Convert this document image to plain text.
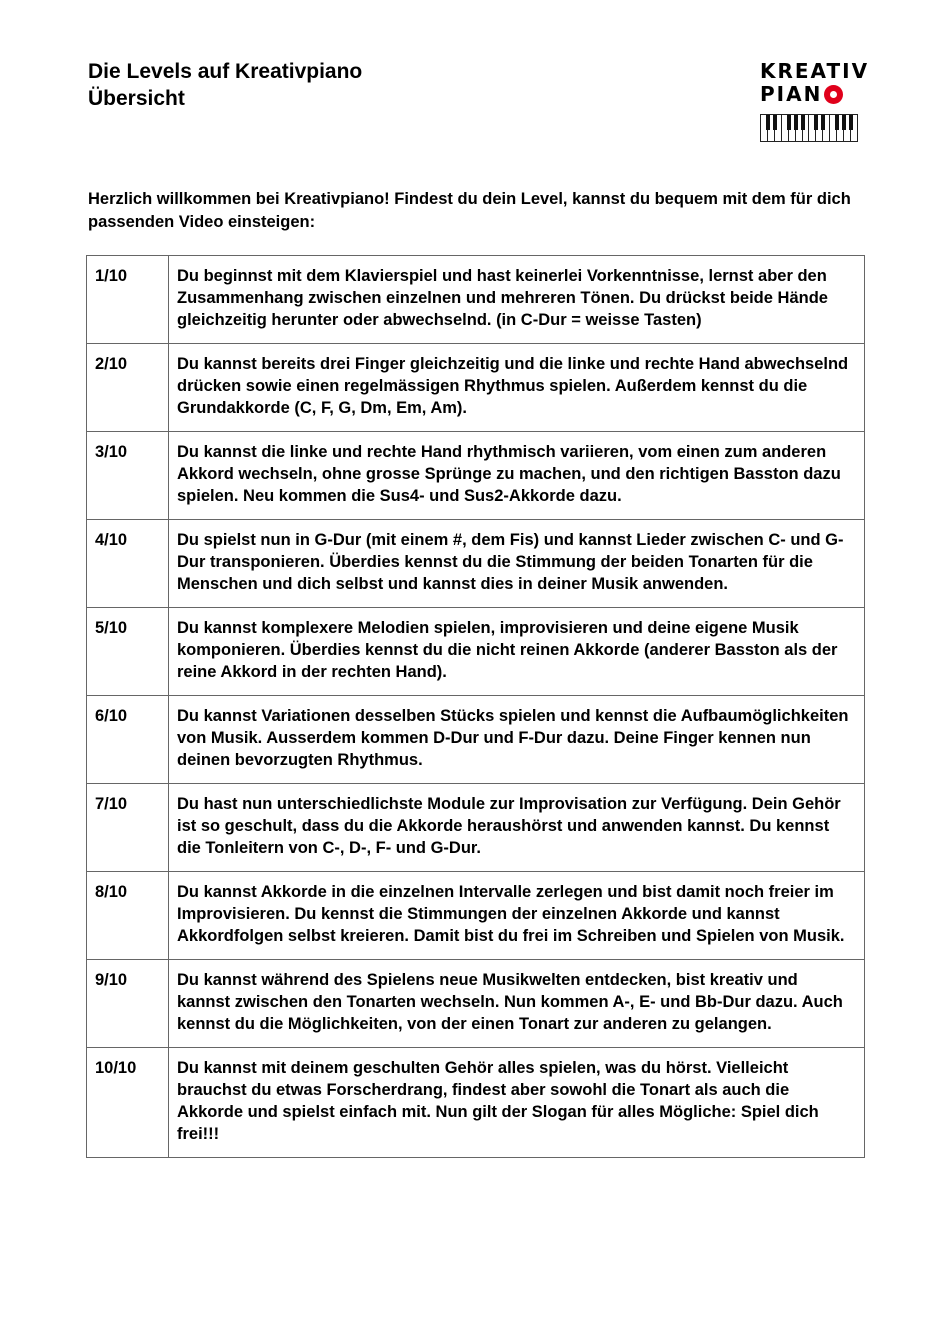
Die Levels auf Kreativpiano
Übersicht
KREATIV
PIAN
Herzlich willkommen bei Kreativpiano! Findest du dein Level, kannst du bequem mit dem für dich passenden Video einsteigen:
1/10	Du beginnst mit dem Klavierspiel und hast keinerlei Vorkenntnisse, lernst aber den Zusammenhang zwischen einzelnen und mehreren Tönen. Du drückst beide Hände gleichzeitig herunter oder abwechselnd. (in C-Dur = weisse Tasten)
2/10	Du kannst bereits drei Finger gleichzeitig und die linke und rechte Hand abwechselnd drücken sowie einen regelmässigen Rhythmus spielen. Außerdem kennst du die Grundakkorde (C, F, G, Dm, Em, Am).
3/10	Du kannst die linke und rechte Hand rhythmisch variieren, vom einen zum anderen Akkord wechseln, ohne grosse Sprünge zu machen, und den richtigen Basston dazu spielen. Neu kommen die Sus4- und Sus2-Akkorde dazu.
4/10	Du spielst nun in G-Dur (mit einem #, dem Fis) und kannst Lieder zwischen C- und G-Dur transponieren. Überdies kennst du die Stimmung der beiden Tonarten für die Menschen und dich selbst und kannst dies in deiner Musik anwenden.
5/10	Du kannst komplexere Melodien spielen, improvisieren und deine eigene Musik komponieren. Überdies kennst du die nicht reinen Akkorde (anderer Basston als der reine Akkord in der rechten Hand).
6/10	Du kannst Variationen desselben Stücks spielen und kennst die Aufbaumöglichkeiten von Musik. Ausserdem kommen D-Dur und F-Dur dazu. Deine Finger kennen nun deinen bevorzugten Rhythmus.
7/10	Du hast nun unterschiedlichste Module zur Improvisation zur Verfügung. Dein Gehör ist so geschult, dass du die Akkorde heraushörst und anwenden kannst. Du kennst die Tonleitern von C-, D-, F- und G-Dur.
8/10	Du kannst Akkorde in die einzelnen Intervalle zerlegen und bist damit noch freier im Improvisieren. Du kennst die Stimmungen der einzelnen Akkorde und kannst Akkordfolgen selbst kreieren. Damit bist du frei im Schreiben und Spielen von Musik.
9/10	Du kannst während des Spielens neue Musikwelten entdecken, bist kreativ und kannst zwischen den Tonarten wechseln. Nun kommen A-, E- und Bb-Dur dazu. Auch kennst du die Möglichkeiten, von der einen Tonart zur anderen zu gelangen.
10/10	Du kannst mit deinem geschulten Gehör alles spielen, was du hörst. Vielleicht brauchst du etwas Forscherdrang, findest aber sowohl die Tonart als auch die Akkorde und spielst einfach mit. Nun gilt der Slogan für alles Mögliche: Spiel dich frei!!!
